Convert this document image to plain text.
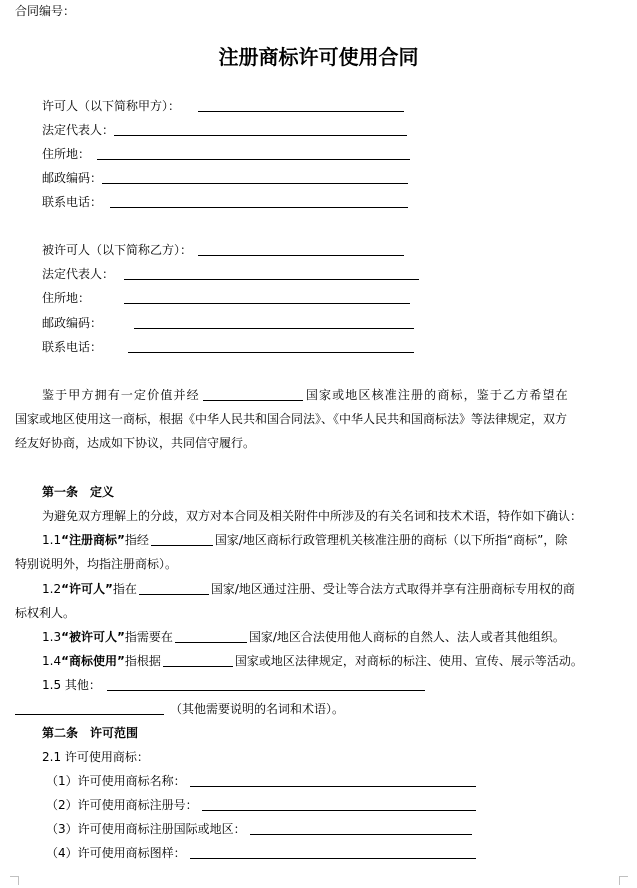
合同编号：
注册商标许可使用合同
许可人（以下简称甲方）：
法定代表人：
住所地：
邮政编码：
联系电话：
被许可人（以下简称乙方）：
法定代表人：
住所地：
邮政编码：
联系电话：
鉴于甲方拥有一定价值并经	国家或地区核准注册的商标，鉴于乙方希望在
国家或地区使用这一商标，根据《中华人民共和国合同法》、《中华人民共和国商标法》等法律规定，双方
经友好协商，达成如下协议，共同信守履行。
第一条　定义
为避免双方理解上的分歧，双方对本合同及相关附件中所涉及的有关名词和技术术语，特作如下确认：
1.1“注册商标”指经	国家/地区商标行政管理机关核准注册的商标（以下所指“商标”，除
特别说明外，均指注册商标）。
1.2“许可人”指在	国家/地区通过注册、受让等合法方式取得并享有注册商标专用权的商
标权利人。
1.3“被许可人”指需要在	国家/地区合法使用他人商标的自然人、法人或者其他组织。
1.4“商标使用”指根据	国家或地区法律规定，对商标的标注、使用、宣传、展示等活动。
1.5 其他：
（其他需要说明的名词和术语）。
第二条　许可范围
2.1 许可使用商标：
（1）许可使用商标名称：
（2）许可使用商标注册号：
（3）许可使用商标注册国际或地区：
（4）许可使用商标图样：
